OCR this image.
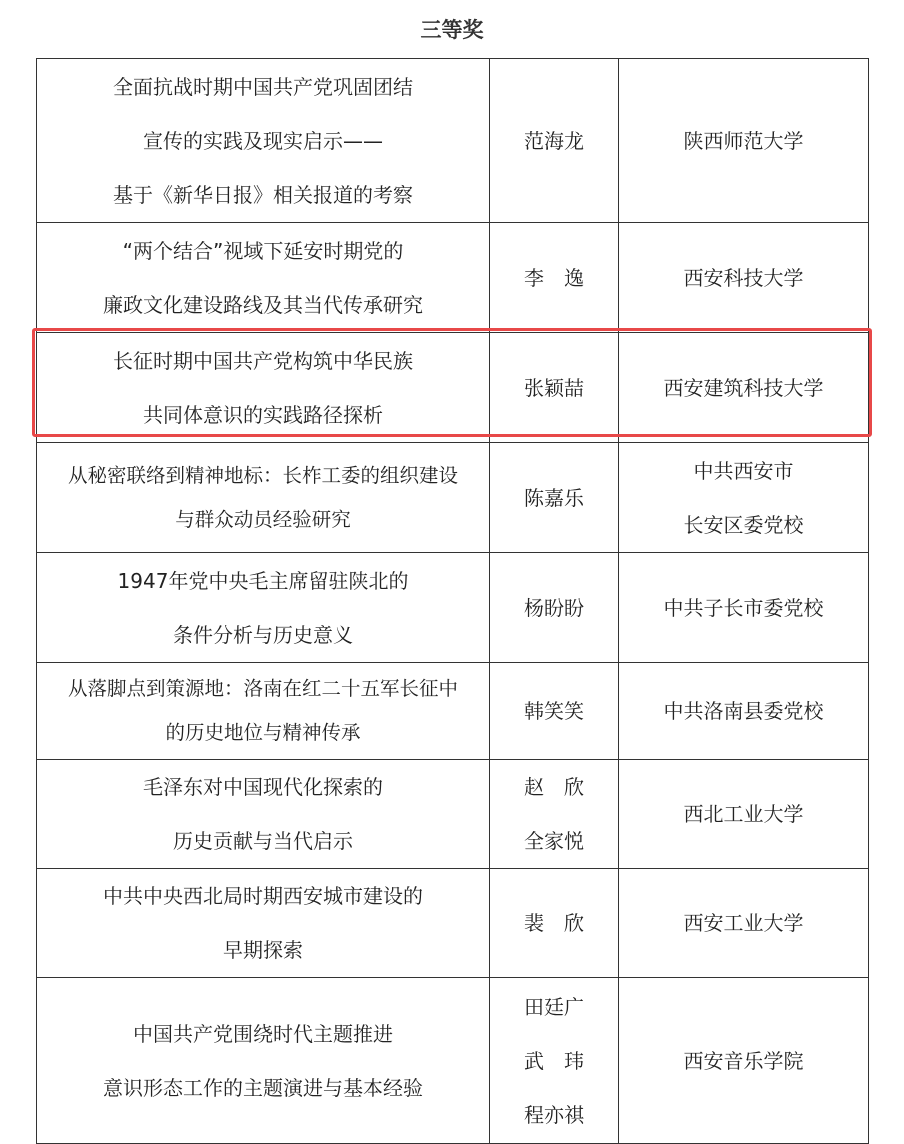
三等奖
全面抗战时期中国共产党巩固团结
宣传的实践及现实启示——
基于《新华日报》相关报道的考察	范海龙	陕西师范大学

“两个结合”视域下延安时期党的
廉政文化建设路线及其当代传承研究	李　逸	西安科技大学

长征时期中国共产党构筑中华民族
共同体意识的实践路径探析	张颖喆	西安建筑科技大学

从秘密联络到精神地标：长柞工委的组织建设
与群众动员经验研究	陈嘉乐	中共西安市
长安区委党校

1947年党中央毛主席留驻陕北的
条件分析与历史意义	杨盼盼	中共子长市委党校

从落脚点到策源地：洛南在红二十五军长征中
的历史地位与精神传承	韩笑笑	中共洛南县委党校

毛泽东对中国现代化探索的
历史贡献与当代启示	赵　欣
全家悦	西北工业大学

中共中央西北局时期西安城市建设的
早期探索	裴　欣	西安工业大学

中国共产党围绕时代主题推进
意识形态工作的主题演进与基本经验	田廷广
武　玮
程亦祺	西安音乐学院
